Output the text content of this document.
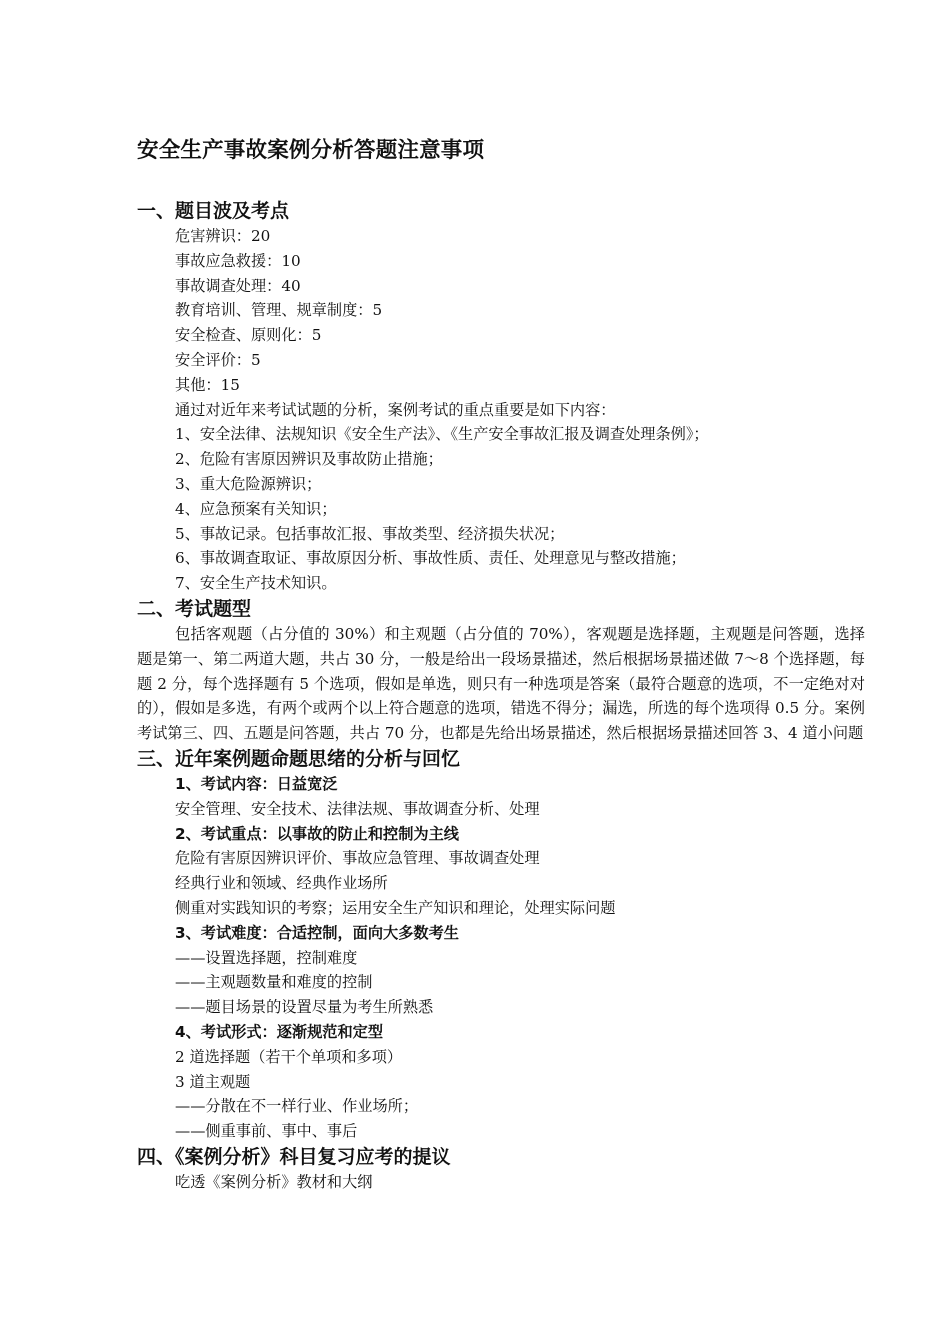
安全生产事故案例分析答题注意事项
一、题目波及考点
危害辨识：20
事故应急救援：10
事故调查处理：40
教育培训、管理、规章制度：5
安全检查、原则化：5
安全评价：5
其他：15
通过对近年来考试试题的分析，案例考试的重点重要是如下内容：
1、安全法律、法规知识《安全生产法》、《生产安全事故汇报及调查处理条例》；
2、危险有害原因辨识及事故防止措施；
3、重大危险源辨识；
4、应急预案有关知识；
5、事故记录。包括事故汇报、事故类型、经济损失状况；
6、事故调查取证、事故原因分析、事故性质、责任、处理意见与整改措施；
7、安全生产技术知识。
二、考试题型
包括客观题（占分值的 30%）和主观题（占分值的 70%），客观题是选择题，主观题是问答题，选择题是第一、第二两道大题，共占 30 分，一般是给出一段场景描述，然后根据场景描述做 7～8 个选择题，每题 2 分，每个选择题有 5 个选项，假如是单选，则只有一种选项是答案（最符合题意的选项，不一定绝对对的），假如是多选，有两个或两个以上符合题意的选项，错选不得分；漏选，所选的每个选项得 0.5 分。案例考试第三、四、五题是问答题，共占 70 分，也都是先给出场景描述，然后根据场景描述回答 3、4 道小问题
三、近年案例题命题思绪的分析与回忆
1、考试内容：日益宽泛
安全管理、安全技术、法律法规、事故调查分析、处理
2、考试重点：以事故的防止和控制为主线
危险有害原因辨识评价、事故应急管理、事故调查处理
经典行业和领域、经典作业场所
侧重对实践知识的考察；运用安全生产知识和理论，处理实际问题
3、考试难度：合适控制，面向大多数考生
——设置选择题，控制难度
——主观题数量和难度的控制
——题目场景的设置尽量为考生所熟悉
4、考试形式：逐渐规范和定型
2 道选择题（若干个单项和多项）
3 道主观题
——分散在不一样行业、作业场所；
——侧重事前、事中、事后
四、《案例分析》科目复习应考的提议
吃透《案例分析》教材和大纲
